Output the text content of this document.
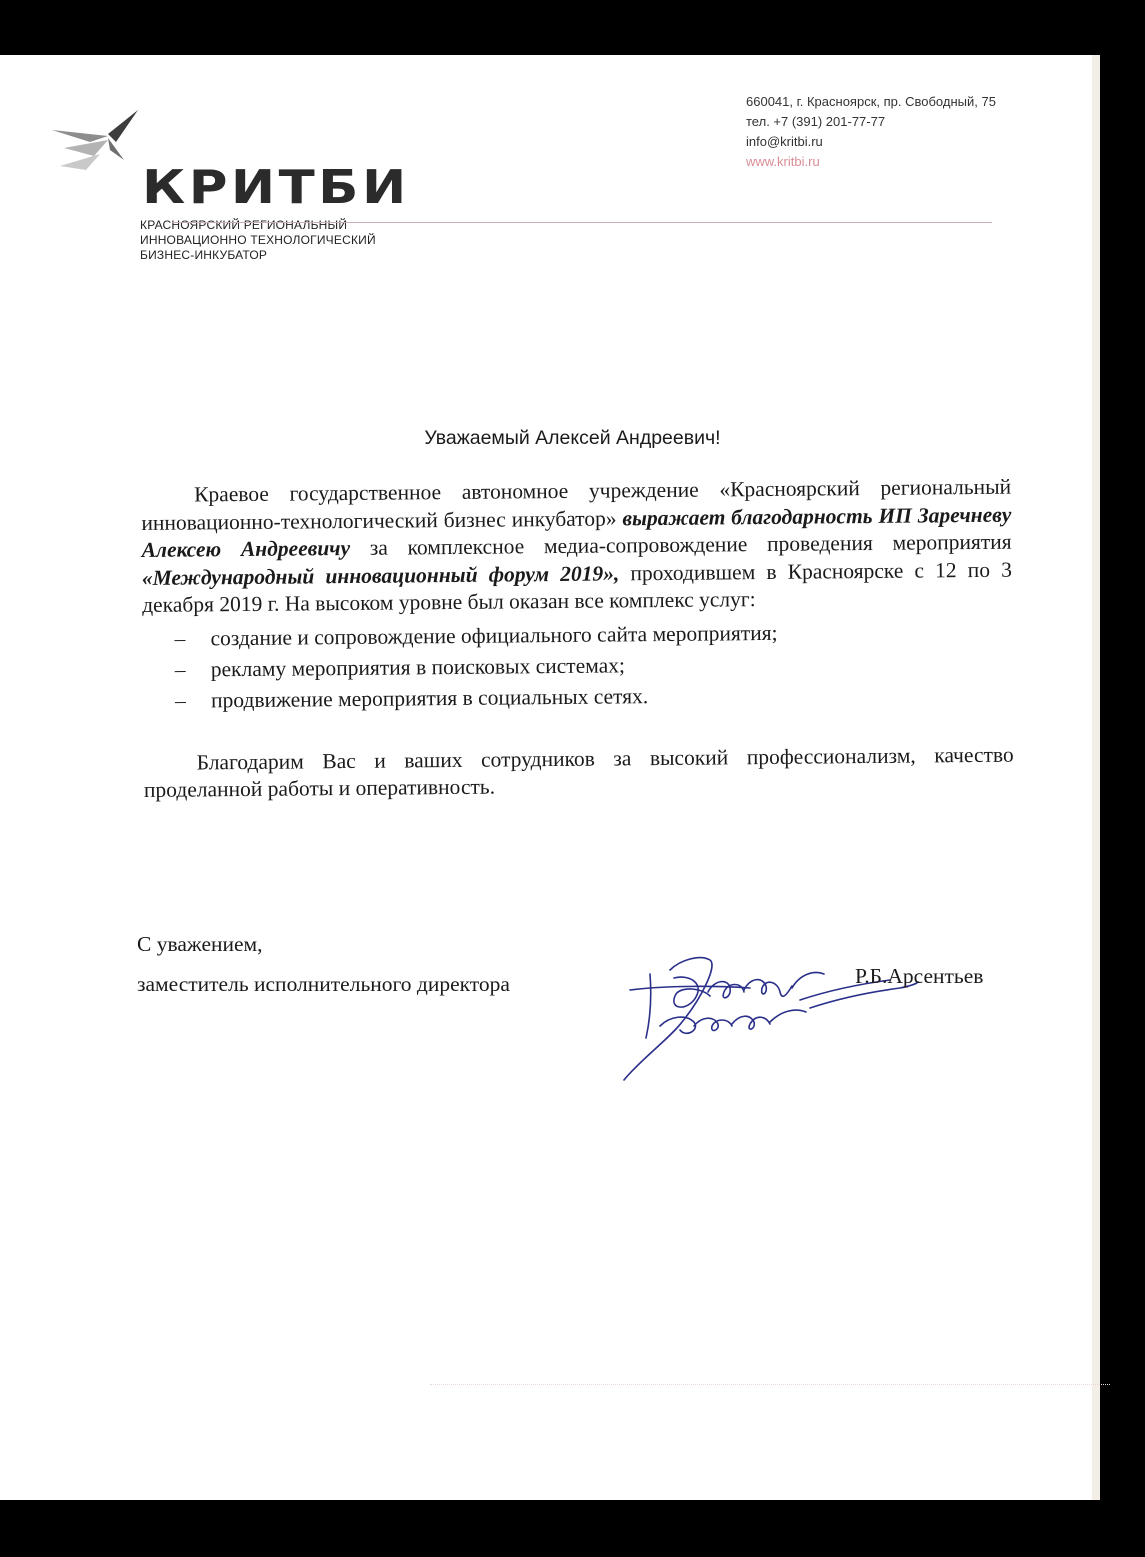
КРИТБИ
КРАСНОЯРСКИЙ РЕГИОНАЛЬНЫЙ
ИННОВАЦИОННО ТЕХНОЛОГИЧЕСКИЙ
БИЗНЕС-ИНКУБАТОР
660041, г. Красноярск, пр. Свободный, 75
тел. +7 (391) 201-77-77
info@kritbi.ru
www.kritbi.ru
Уважаемый Алексей Андреевич!

Краевое государственное автономное учреждение «Красноярский региональный инновационно-технологический бизнес инкубатор» выражает благодарность ИП Заречневу Алексею Андреевичу за комплексное медиа-сопровождение проведения мероприятия «Международный инновационный форум 2019», проходившем в Красноярске с 12 по 3 декабря 2019 г. На высоком уровне был оказан все комплекс услуг:

– создание и сопровождение официального сайта мероприятия;
– рекламу мероприятия в поисковых системах;
– продвижение мероприятия в социальных сетях.

Благодарим Вас и ваших сотрудников за высокий профессионализм, качество проделанной работы и оперативность.

С уважением,
заместитель исполнительного директора	Р.Б.Арсентьев
